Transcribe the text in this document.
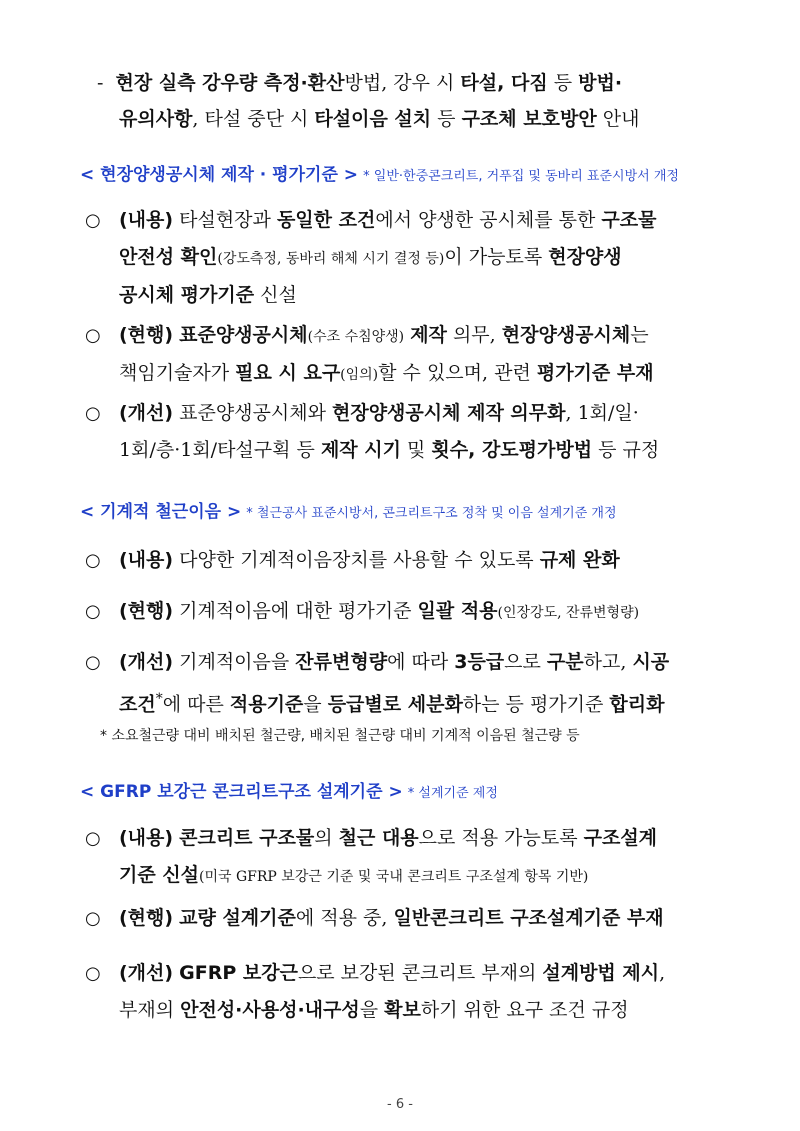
- 현장 실측 강우량 측정·환산방법, 강우 시 타설, 다짐 등 방법·
유의사항, 타설 중단 시 타설이음 설치 등 구조체 보호방안 안내
< 현장양생공시체 제작 · 평가기준 > * 일반·한중콘크리트, 거푸집 및 동바리 표준시방서 개정
○ (내용) 타설현장과 동일한 조건에서 양생한 공시체를 통한 구조물
안전성 확인(강도측정, 동바리 해체 시기 결정 등)이 가능토록 현장양생
공시체 평가기준 신설
○ (현행) 표준양생공시체(수조 수침양생) 제작 의무, 현장양생공시체는
책임기술자가 필요 시 요구(임의)할 수 있으며, 관련 평가기준 부재
○ (개선) 표준양생공시체와 현장양생공시체 제작 의무화, 1회/일·
1회/층·1회/타설구획 등 제작 시기 및 횟수, 강도평가방법 등 규정
< 기계적 철근이음 > * 철근공사 표준시방서, 콘크리트구조 정착 및 이음 설계기준 개정
○ (내용) 다양한 기계적이음장치를 사용할 수 있도록 규제 완화
○ (현행) 기계적이음에 대한 평가기준 일괄 적용(인장강도, 잔류변형량)
○ (개선) 기계적이음을 잔류변형량에 따라 3등급으로 구분하고, 시공
조건*에 따른 적용기준을 등급별로 세분화하는 등 평가기준 합리화
* 소요철근량 대비 배치된 철근량, 배치된 철근량 대비 기계적 이음된 철근량 등
< GFRP 보강근 콘크리트구조 설계기준 > * 설계기준 제정
○ (내용) 콘크리트 구조물의 철근 대용으로 적용 가능토록 구조설계
기준 신설(미국 GFRP 보강근 기준 및 국내 콘크리트 구조설계 항목 기반)
○ (현행) 교량 설계기준에 적용 중, 일반콘크리트 구조설계기준 부재
○ (개선) GFRP 보강근으로 보강된 콘크리트 부재의 설계방법 제시,
부재의 안전성·사용성·내구성을 확보하기 위한 요구 조건 규정
- 6 -
